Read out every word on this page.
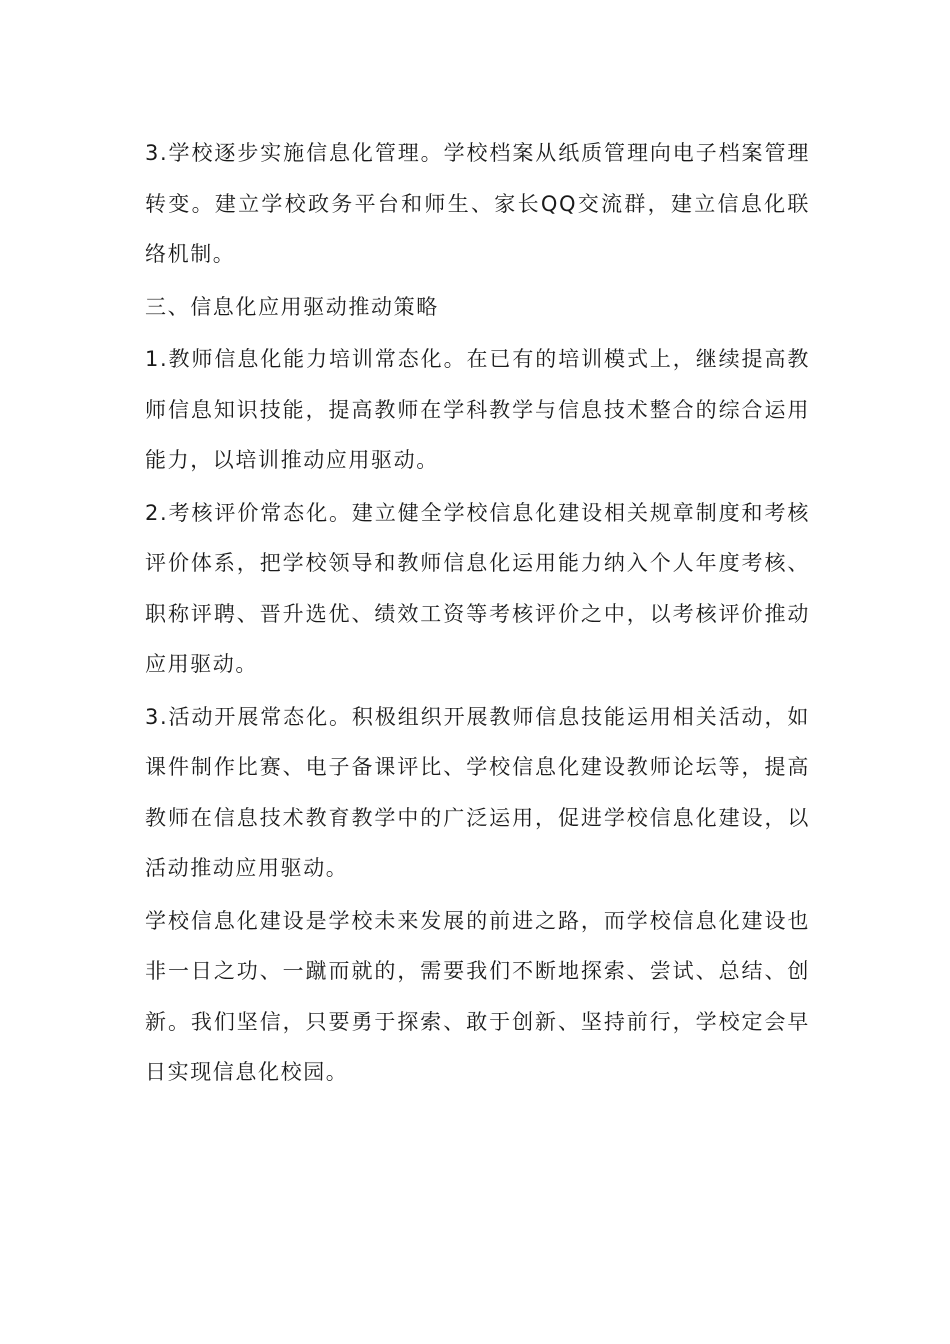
3.学校逐步实施信息化管理。学校档案从纸质管理向电子档案管理转变。建立学校政务平台和师生、家长QQ交流群，建立信息化联络机制。

三、信息化应用驱动推动策略

1.教师信息化能力培训常态化。在已有的培训模式上，继续提高教师信息知识技能，提高教师在学科教学与信息技术整合的综合运用能力，以培训推动应用驱动。

2.考核评价常态化。建立健全学校信息化建设相关规章制度和考核评价体系，把学校领导和教师信息化运用能力纳入个人年度考核、职称评聘、晋升选优、绩效工资等考核评价之中，以考核评价推动应用驱动。

3.活动开展常态化。积极组织开展教师信息技能运用相关活动，如课件制作比赛、电子备课评比、学校信息化建设教师论坛等，提高教师在信息技术教育教学中的广泛运用，促进学校信息化建设，以活动推动应用驱动。

学校信息化建设是学校未来发展的前进之路，而学校信息化建设也非一日之功、一蹴而就的，需要我们不断地探索、尝试、总结、创新。我们坚信，只要勇于探索、敢于创新、坚持前行，学校定会早日实现信息化校园。
